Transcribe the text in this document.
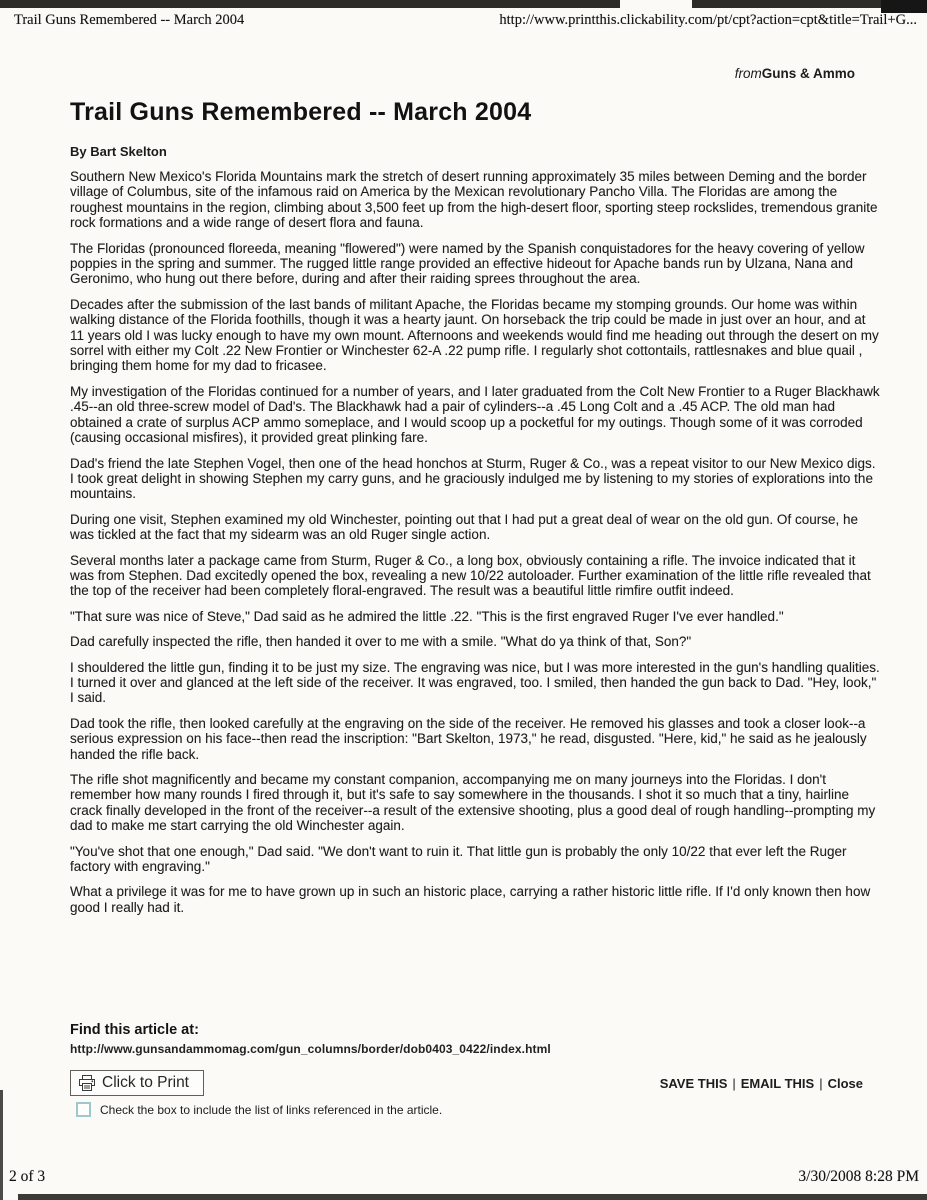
Trail Guns Remembered -- March 2004	http://www.printthis.clickability.com/pt/cpt?action=cpt&title=Trail+G...
fromGuns & Ammo
Trail Guns Remembered -- March 2004
By Bart Skelton

Southern New Mexico's Florida Mountains mark the stretch of desert running approximately 35 miles between Deming and the border village of Columbus, site of the infamous raid on America by the Mexican revolutionary Pancho Villa. The Floridas are among the roughest mountains in the region, climbing about 3,500 feet up from the high-desert floor, sporting steep rockslides, tremendous granite rock formations and a wide range of desert flora and fauna.

The Floridas (pronounced floreeda, meaning "flowered") were named by the Spanish conquistadores for the heavy covering of yellow poppies in the spring and summer. The rugged little range provided an effective hideout for Apache bands run by Ulzana, Nana and Geronimo, who hung out there before, during and after their raiding sprees throughout the area.

Decades after the submission of the last bands of militant Apache, the Floridas became my stomping grounds. Our home was within walking distance of the Florida foothills, though it was a hearty jaunt. On horseback the trip could be made in just over an hour, and at 11 years old I was lucky enough to have my own mount. Afternoons and weekends would find me heading out through the desert on my sorrel with either my Colt .22 New Frontier or Winchester 62-A .22 pump rifle. I regularly shot cottontails, rattlesnakes and blue quail , bringing them home for my dad to fricasee.

My investigation of the Floridas continued for a number of years, and I later graduated from the Colt New Frontier to a Ruger Blackhawk .45--an old three-screw model of Dad's. The Blackhawk had a pair of cylinders--a .45 Long Colt and a .45 ACP. The old man had obtained a crate of surplus ACP ammo someplace, and I would scoop up a pocketful for my outings. Though some of it was corroded (causing occasional misfires), it provided great plinking fare.

Dad's friend the late Stephen Vogel, then one of the head honchos at Sturm, Ruger & Co., was a repeat visitor to our New Mexico digs. I took great delight in showing Stephen my carry guns, and he graciously indulged me by listening to my stories of explorations into the mountains.

During one visit, Stephen examined my old Winchester, pointing out that I had put a great deal of wear on the old gun. Of course, he was tickled at the fact that my sidearm was an old Ruger single action.

Several months later a package came from Sturm, Ruger & Co., a long box, obviously containing a rifle. The invoice indicated that it was from Stephen. Dad excitedly opened the box, revealing a new 10/22 autoloader. Further examination of the little rifle revealed that the top of the receiver had been completely floral-engraved. The result was a beautiful little rimfire outfit indeed.

"That sure was nice of Steve," Dad said as he admired the little .22. "This is the first engraved Ruger I've ever handled."

Dad carefully inspected the rifle, then handed it over to me with a smile. "What do ya think of that, Son?"

I shouldered the little gun, finding it to be just my size. The engraving was nice, but I was more interested in the gun's handling qualities. I turned it over and glanced at the left side of the receiver. It was engraved, too. I smiled, then handed the gun back to Dad. "Hey, look," I said.

Dad took the rifle, then looked carefully at the engraving on the side of the receiver. He removed his glasses and took a closer look--a serious expression on his face--then read the inscription: "Bart Skelton, 1973," he read, disgusted. "Here, kid," he said as he jealously handed the rifle back.

The rifle shot magnificently and became my constant companion, accompanying me on many journeys into the Floridas. I don't remember how many rounds I fired through it, but it's safe to say somewhere in the thousands. I shot it so much that a tiny, hairline crack finally developed in the front of the receiver--a result of the extensive shooting, plus a good deal of rough handling--prompting my dad to make me start carrying the old Winchester again.

"You've shot that one enough," Dad said. "We don't want to ruin it. That little gun is probably the only 10/22 that ever left the Ruger factory with engraving."

What a privilege it was for me to have grown up in such an historic place, carrying a rather historic little rifle. If I'd only known then how good I really had it.

Find this article at:
http://www.gunsandammomag.com/gun_columns/border/dob0403_0422/index.html
Click to Print	SAVE THIS | EMAIL THIS | Close
Check the box to include the list of links referenced in the article.
2 of 3	3/30/2008 8:28 PM
